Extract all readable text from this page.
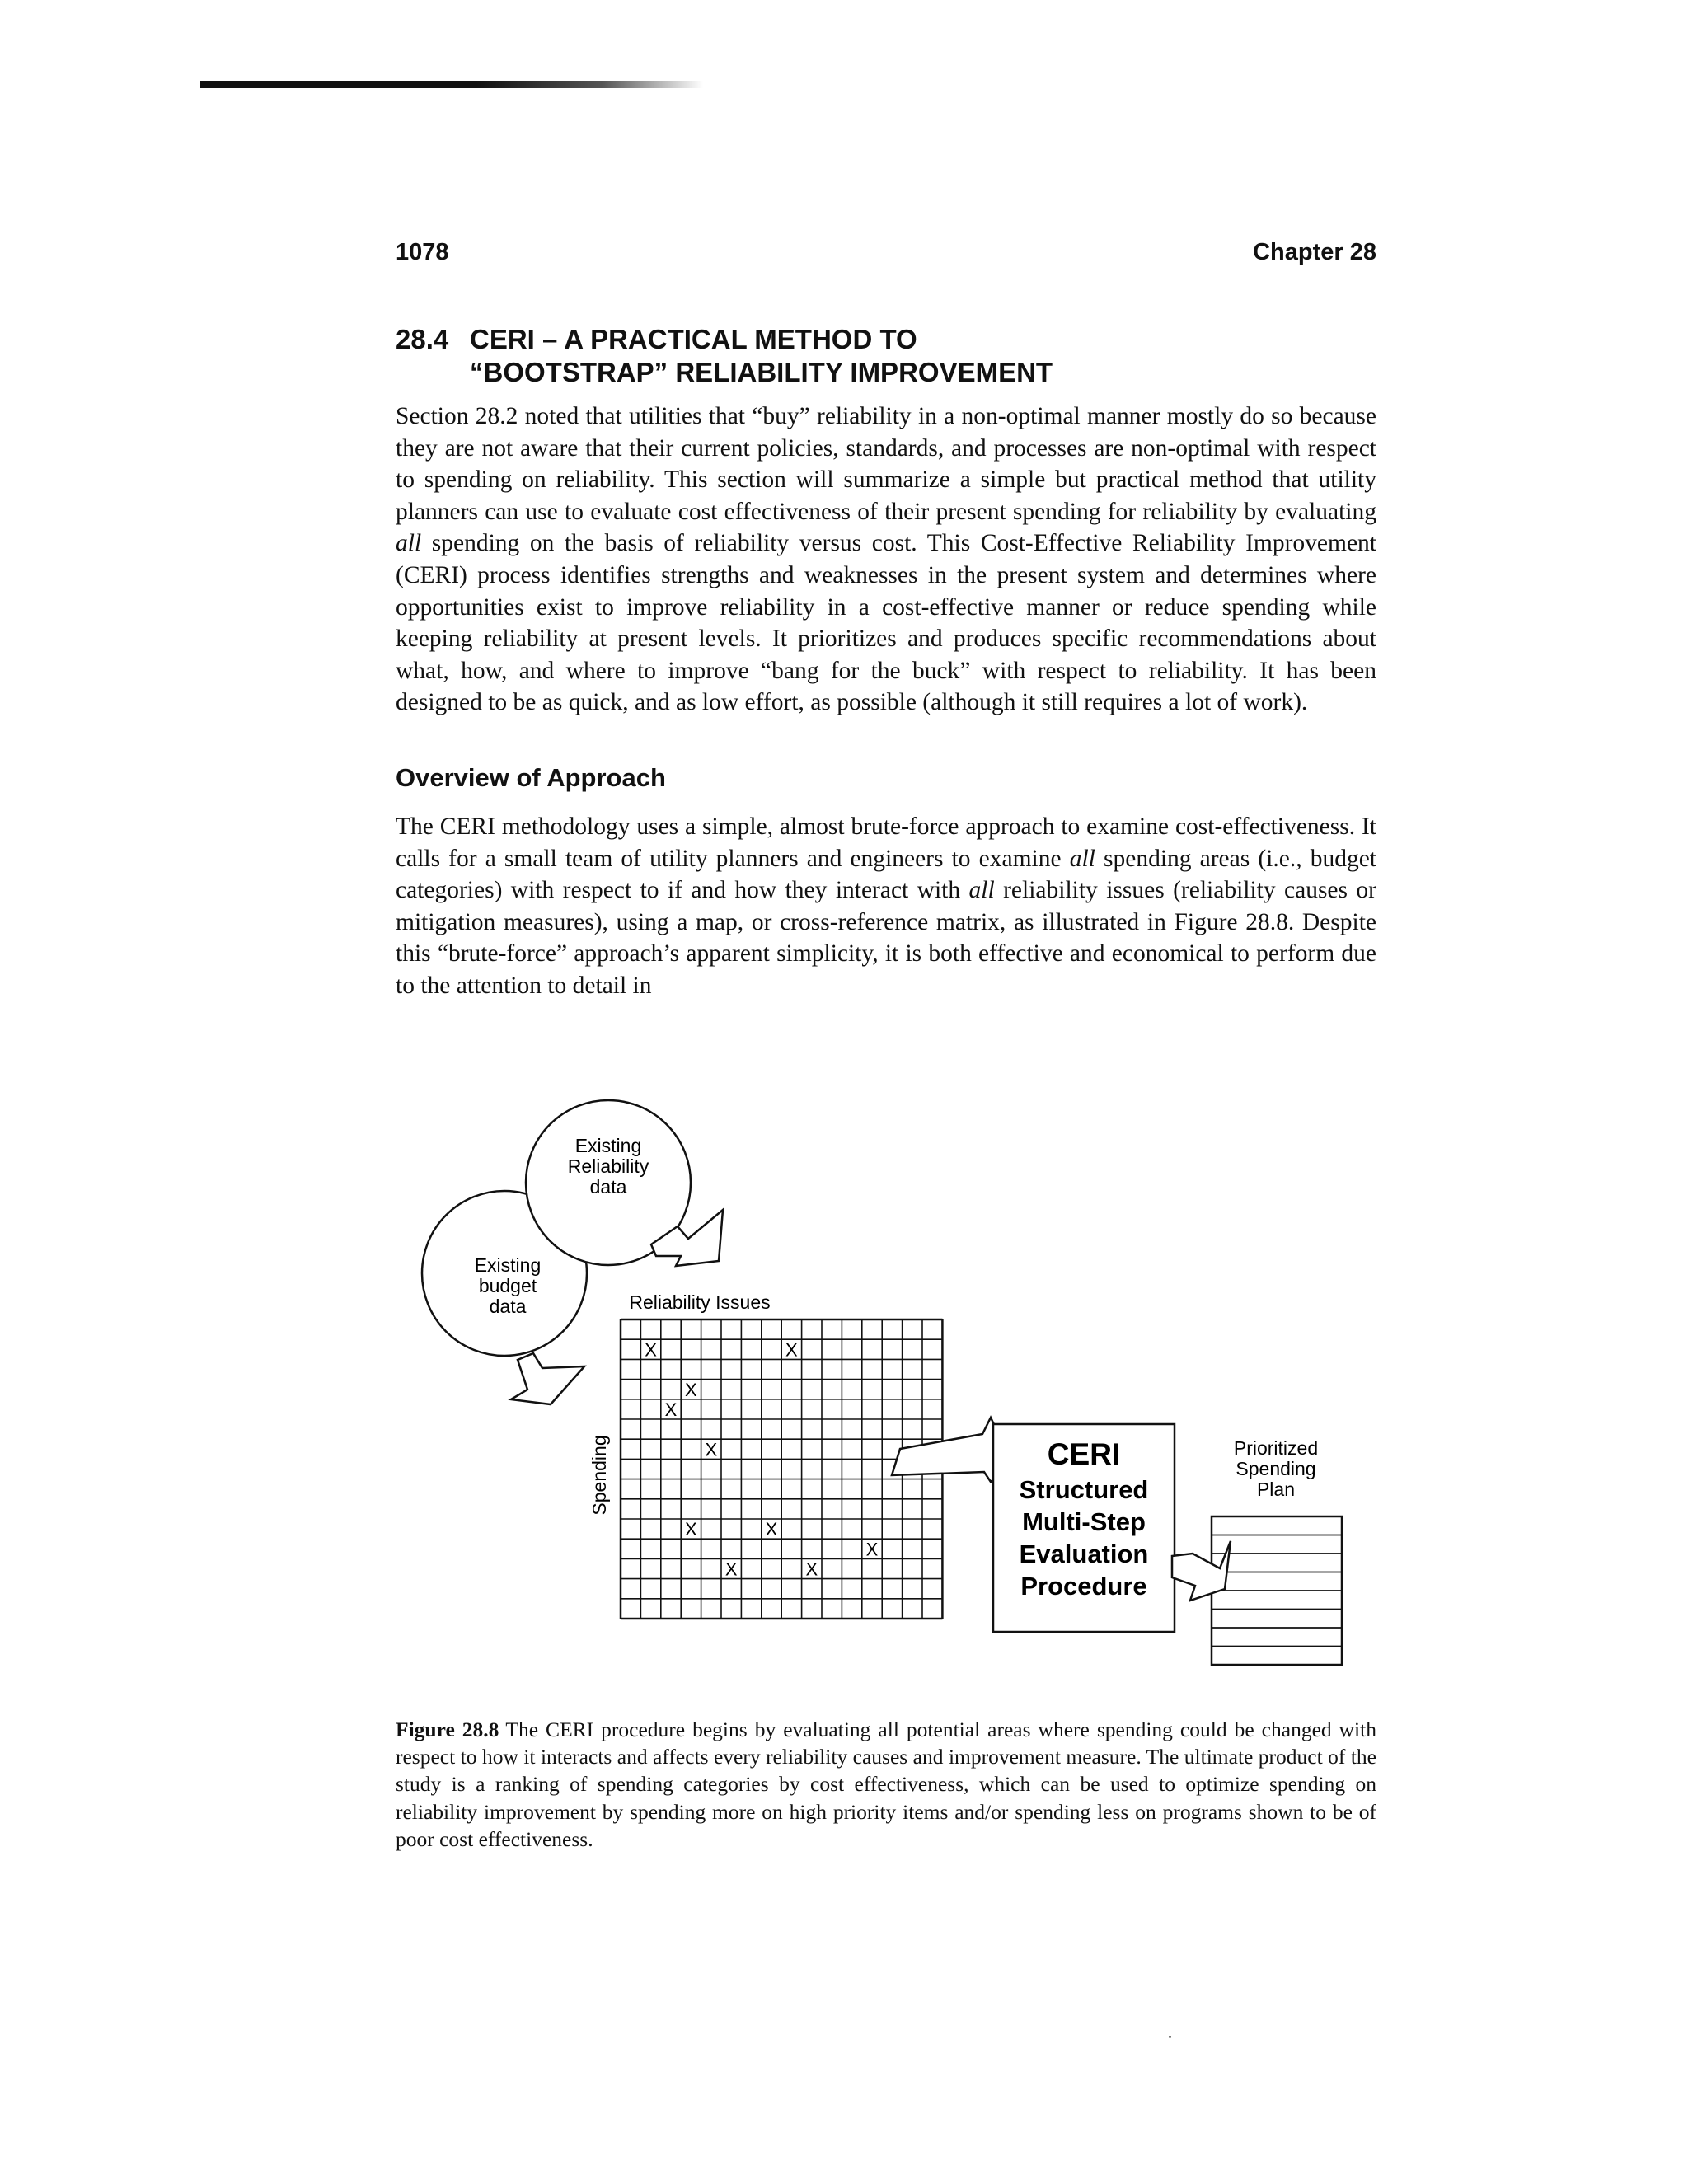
1078	Chapter 28
28.4 CERI – A PRACTICAL METHOD TO
“BOOTSTRAP” RELIABILITY IMPROVEMENT

Section 28.2 noted that utilities that “buy” reliability in a non-optimal manner mostly do so because they are not aware that their current policies, standards, and processes are non-optimal with respect to spending on reliability. This section will summarize a simple but practical method that utility planners can use to evaluate cost effectiveness of their present spending for reliability by evaluating all spending on the basis of reliability versus cost. This Cost-Effective Reliability Improvement (CERI) process identifies strengths and weaknesses in the present system and determines where opportunities exist to improve reliability in a cost-effective manner or reduce spending while keeping reliability at present levels. It prioritizes and produces specific recommendations about what, how, and where to improve “bang for the buck” with respect to reliability. It has been designed to be as quick, and as low effort, as possible (although it still requires a lot of work).

Overview of Approach

The CERI methodology uses a simple, almost brute-force approach to examine cost-effectiveness. It calls for a small team of utility planners and engineers to examine all spending areas (i.e., budget categories) with respect to if and how they interact with all reliability issues (reliability causes or mitigation measures), using a map, or cross-reference matrix, as illustrated in Figure 28.8. Despite this “brute-force” approach’s apparent simplicity, it is both effective and economical to perform due to the attention to detail in

Existing
Reliability
data
Existing
budget
data	Reliability Issues
Spending
X	X
X
X
X
X	X
X
X	X
CERI
Structured
Multi-Step
Evaluation
Procedure
Prioritized
Spending
Plan

Figure 28.8 The CERI procedure begins by evaluating all potential areas where spending could be changed with respect to how it interacts and affects every reliability causes and improvement measure. The ultimate product of the study is a ranking of spending categories by cost effectiveness, which can be used to optimize spending on reliability improvement by spending more on high priority items and/or spending less on programs shown to be of poor cost effectiveness.
